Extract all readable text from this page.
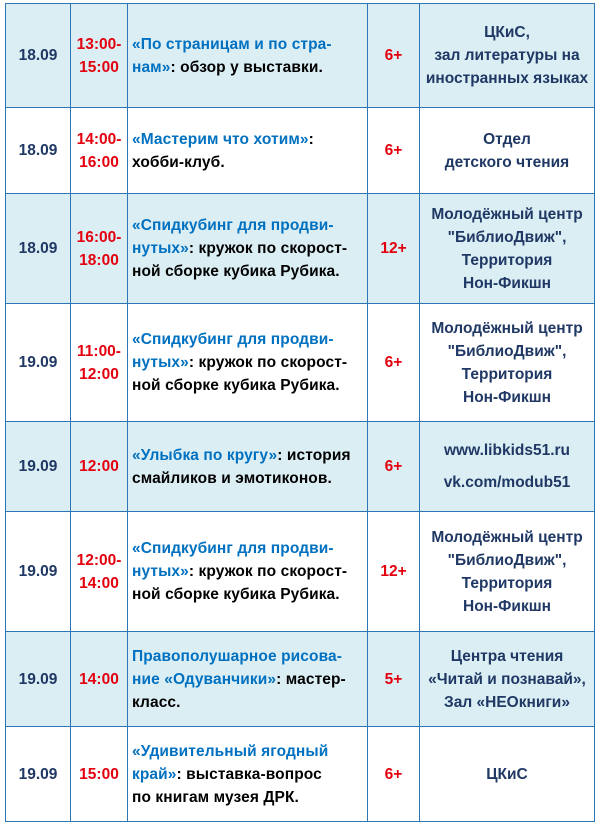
18.09	13:00-
15:00	«По страницам и по стра-
нам»: обзор у выставки.	6+	ЦКиС,
зал литературы на
иностранных языках

18.09	14:00-
16:00	«Мастерим что хотим»:
хобби-клуб.	6+	Отдел
детского чтения

18.09	16:00-
18:00	«Спидкубинг для продви-
нутых»: кружок по скорост-
ной сборке кубика Рубика.	12+	Молодёжный центр
"БиблиоДвиж",
Территория
Нон-Фикшн

19.09	11:00-
12:00	«Спидкубинг для продви-
нутых»: кружок по скорост-
ной сборке кубика Рубика.	6+	Молодёжный центр
"БиблиоДвиж",
Территория
Нон-Фикшн

19.09	12:00	«Улыбка по кругу»: история
смайликов и эмотиконов.	6+	www.libkids51.ru
vk.com/modub51

19.09	12:00-
14:00	«Спидкубинг для продви-
нутых»: кружок по скорост-
ной сборке кубика Рубика.	12+	Молодёжный центр
"БиблиоДвиж",
Территория
Нон-Фикшн

19.09	14:00	Правополушарное рисова-
ние «Одуванчики»: мастер-
класс.	5+	Центра чтения
«Читай и познавай»,
Зал «НЕОкниги»

19.09	15:00	«Удивительный ягодный
край»: выставка-вопрос
по книгам музея ДРК.	6+	ЦКиС
